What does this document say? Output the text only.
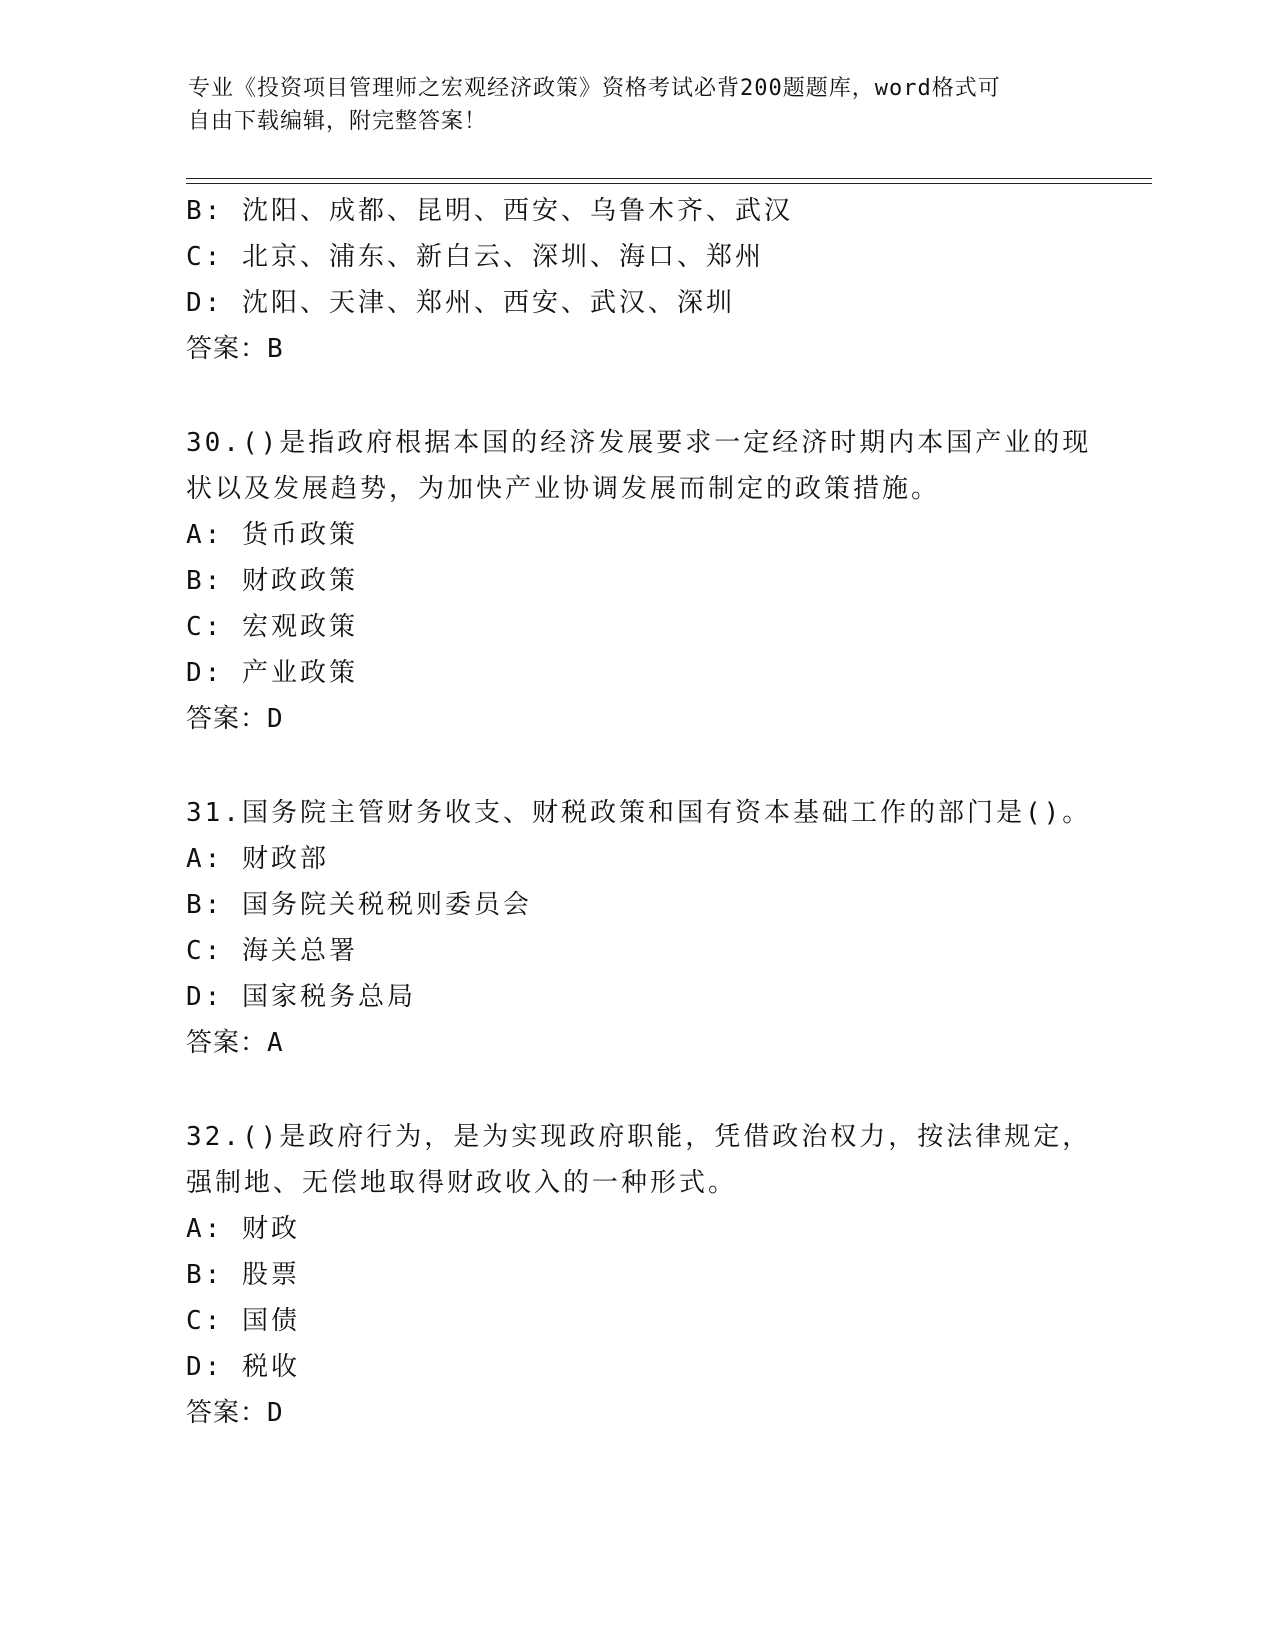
专业《投资项目管理师之宏观经济政策》资格考试必背200题题库，word格式可
自由下载编辑，附完整答案！
B: 沈阳、成都、昆明、西安、乌鲁木齐、武汉
C: 北京、浦东、新白云、深圳、海口、郑州
D: 沈阳、天津、郑州、西安、武汉、深圳
答案：B
30.()是指政府根据本国的经济发展要求一定经济时期内本国产业的现
状以及发展趋势，为加快产业协调发展而制定的政策措施。
A: 货币政策
B: 财政政策
C: 宏观政策
D: 产业政策
答案：D
31.国务院主管财务收支、财税政策和国有资本基础工作的部门是()。
A: 财政部
B: 国务院关税税则委员会
C: 海关总署
D: 国家税务总局
答案：A
32.()是政府行为，是为实现政府职能，凭借政治权力，按法律规定，
强制地、无偿地取得财政收入的一种形式。
A: 财政
B: 股票
C: 国债
D: 税收
答案：D
